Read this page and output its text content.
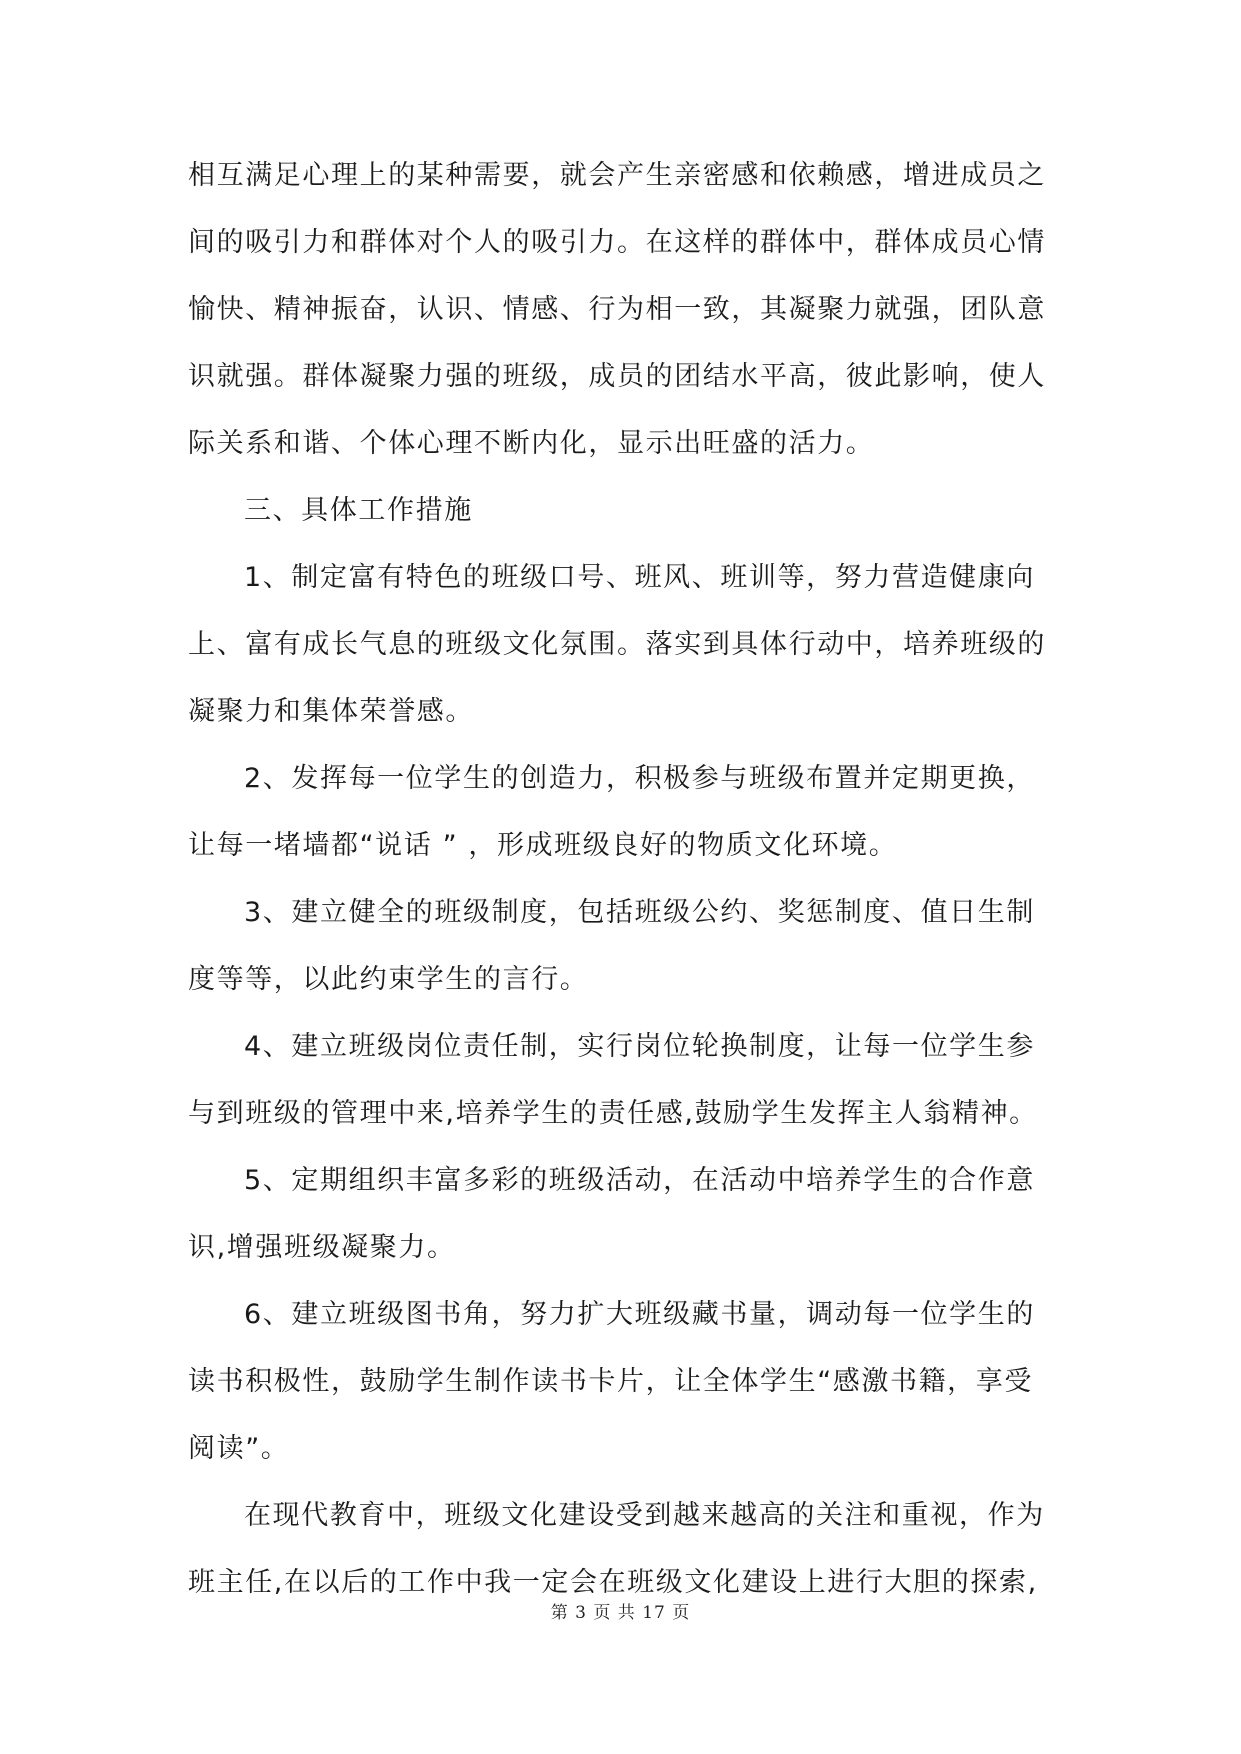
相互满足心理上的某种需要，就会产生亲密感和依赖感，增进成员之
间的吸引力和群体对个人的吸引力。在这样的群体中，群体成员心情
愉快、精神振奋，认识、情感、行为相一致，其凝聚力就强，团队意
识就强。群体凝聚力强的班级，成员的团结水平高，彼此影响，使人
际关系和谐、个体心理不断内化，显示出旺盛的活力。
三、具体工作措施
1、制定富有特色的班级口号、班风、班训等，努力营造健康向
上、富有成长气息的班级文化氛围。落实到具体行动中，培养班级的
凝聚力和集体荣誉感。
2、发挥每一位学生的创造力，积极参与班级布置并定期更换，
让每一堵墙都“说话 ” ，形成班级良好的物质文化环境。
3、建立健全的班级制度，包括班级公约、奖惩制度、值日生制
度等等，以此约束学生的言行。
4、建立班级岗位责任制，实行岗位轮换制度，让每一位学生参
与到班级的管理中来,培养学生的责任感,鼓励学生发挥主人翁精神。
5、定期组织丰富多彩的班级活动，在活动中培养学生的合作意
识,增强班级凝聚力。
6、建立班级图书角，努力扩大班级藏书量，调动每一位学生的
读书积极性，鼓励学生制作读书卡片，让全体学生“感激书籍，享受
阅读”。
在现代教育中，班级文化建设受到越来越高的关注和重视，作为
班主任,在以后的工作中我一定会在班级文化建设上进行大胆的探索,
第 3 页 共 17 页
